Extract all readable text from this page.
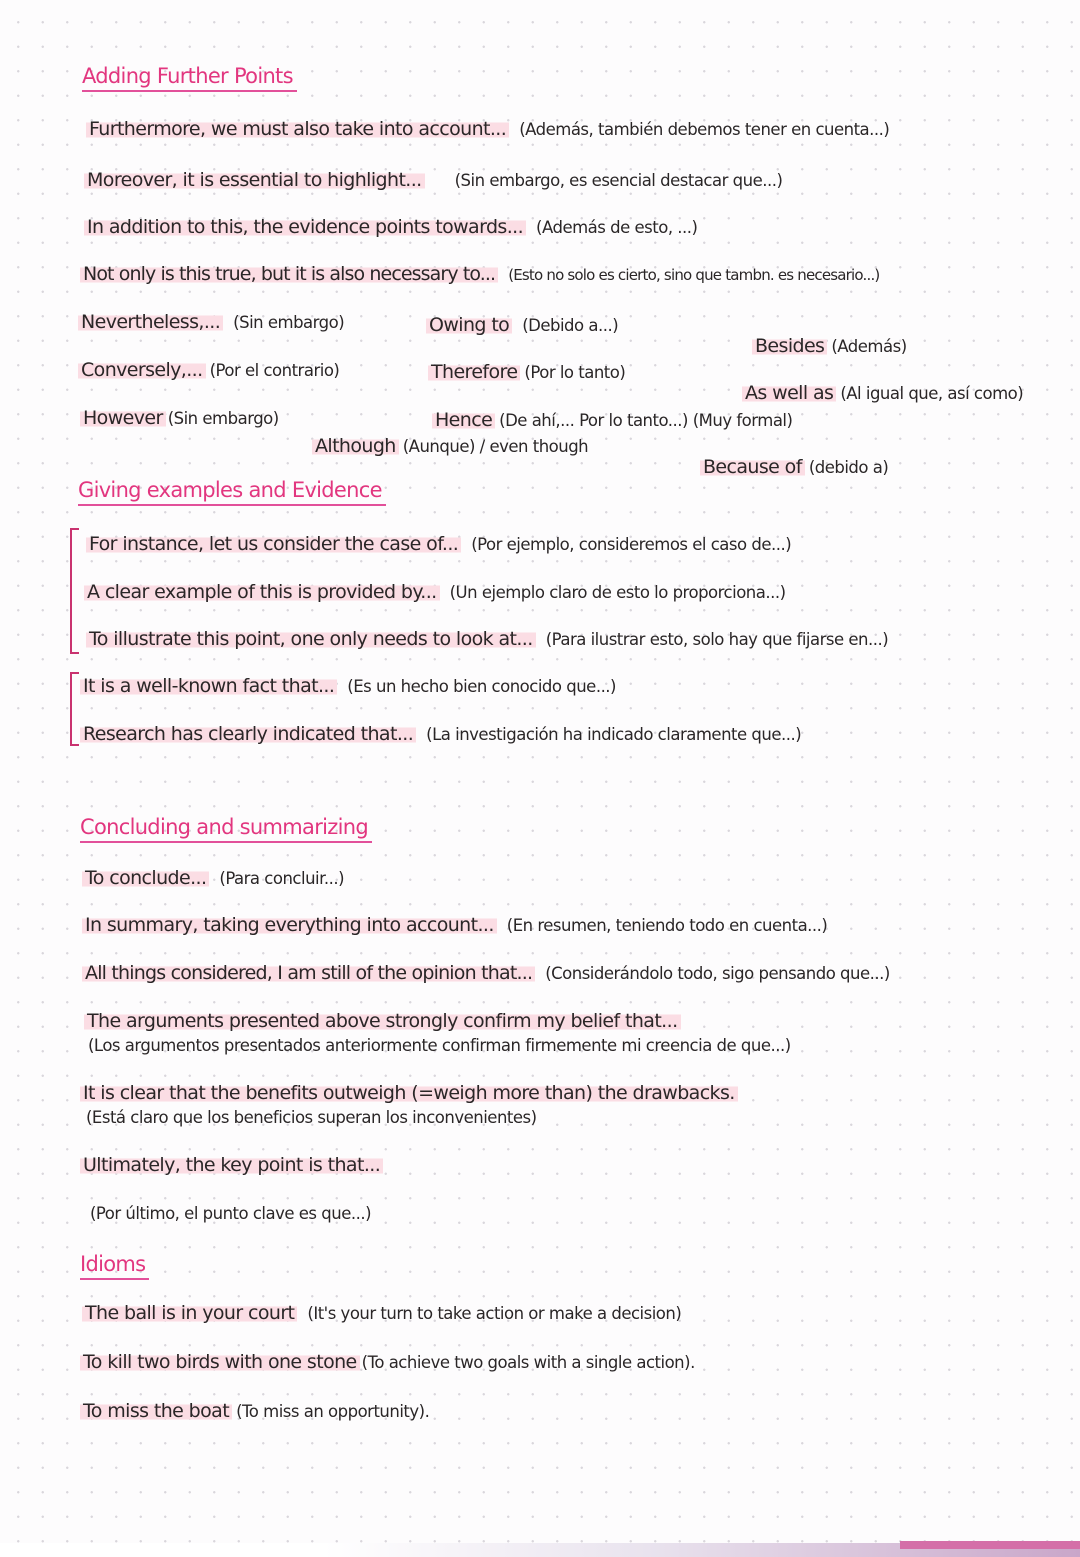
Adding Further Points
Furthermore, we must also take into account... (Además, también debemos tener en cuenta...)
Moreover, it is essential to highlight... (Sin embargo, es esencial destacar que...)
In addition to this, the evidence points towards... (Además de esto, ...)
Not only is this true, but it is also necessary to... (Esto no solo es cierto, sino que tambn. es necesario...)
Nevertheless,... (Sin embargo)	Owing to (Debido a...)
Besides (Además)
Conversely,... (Por el contrario)	Therefore (Por lo tanto)
As well as (Al igual que, así como)
However (Sin embargo)	Hence (De ahí,... Por lo tanto...) (Muy formal)
Although (Aunque) / even though
Because of (debido a)
Giving examples and Evidence
For instance, let us consider the case of... (Por ejemplo, consideremos el caso de...)
A clear example of this is provided by... (Un ejemplo claro de esto lo proporciona...)
To illustrate this point, one only needs to look at... (Para ilustrar esto, solo hay que fijarse en...)
It is a well-known fact that... (Es un hecho bien conocido que...)
Research has clearly indicated that... (La investigación ha indicado claramente que...)
Concluding and summarizing
To conclude... (Para concluir...)
In summary, taking everything into account... (En resumen, teniendo todo en cuenta...)
All things considered, I am still of the opinion that... (Considerándolo todo, sigo pensando que...)
The arguments presented above strongly confirm my belief that...
(Los argumentos presentados anteriormente confirman firmemente mi creencia de que...)
It is clear that the benefits outweigh (=weigh more than) the drawbacks.
(Está claro que los beneficios superan los inconvenientes)
Ultimately, the key point is that...
(Por último, el punto clave es que...)
Idioms
The ball is in your court (It's your turn to take action or make a decision)
To kill two birds with one stone (To achieve two goals with a single action).
To miss the boat (To miss an opportunity).
